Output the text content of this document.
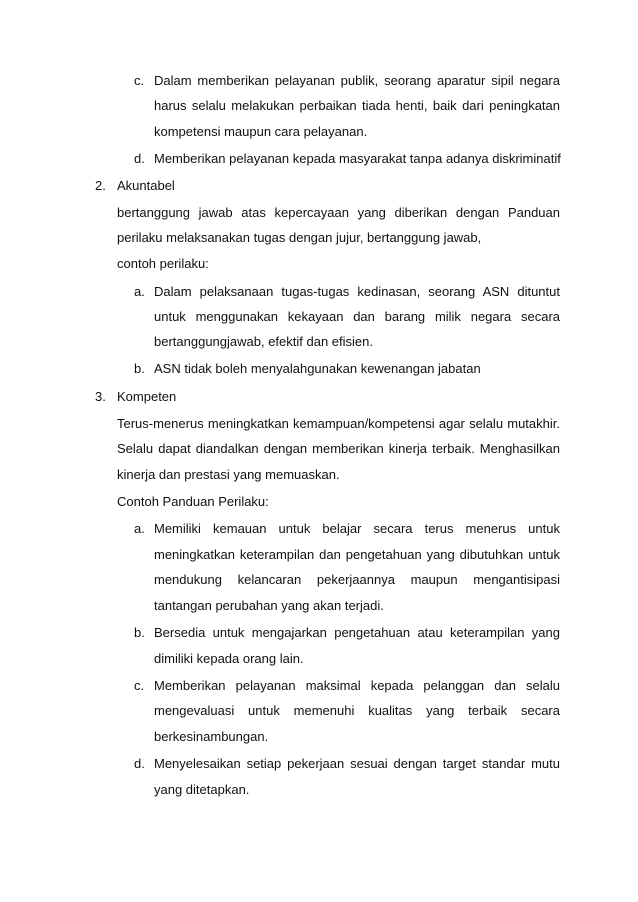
c. Dalam memberikan pelayanan publik, seorang aparatur sipil negara
harus selalu melakukan perbaikan tiada henti, baik dari peningkatan
kompetensi maupun cara pelayanan.
d. Memberikan pelayanan kepada masyarakat tanpa adanya diskriminatif
2. Akuntabel
bertanggung jawab atas kepercayaan yang diberikan dengan Panduan
perilaku melaksanakan tugas dengan jujur, bertanggung jawab,
contoh perilaku:
a. Dalam pelaksanaan tugas-tugas kedinasan, seorang ASN dituntut
untuk menggunakan kekayaan dan barang milik negara secara
bertanggungjawab, efektif dan efisien.
b. ASN tidak boleh menyalahgunakan kewenangan jabatan
3. Kompeten
Terus-menerus meningkatkan kemampuan/kompetensi agar selalu mutakhir.
Selalu dapat diandalkan dengan memberikan kinerja terbaik. Menghasilkan
kinerja dan prestasi yang memuaskan.
Contoh Panduan Perilaku:
a. Memiliki kemauan untuk belajar secara terus menerus untuk
meningkatkan keterampilan dan pengetahuan yang dibutuhkan untuk
mendukung kelancaran pekerjaannya maupun mengantisipasi
tantangan perubahan yang akan terjadi.
b. Bersedia untuk mengajarkan pengetahuan atau keterampilan yang
dimiliki kepada orang lain.
c. Memberikan pelayanan maksimal kepada pelanggan dan selalu
mengevaluasi untuk memenuhi kualitas yang terbaik secara
berkesinambungan.
d. Menyelesaikan setiap pekerjaan sesuai dengan target standar mutu
yang ditetapkan.
